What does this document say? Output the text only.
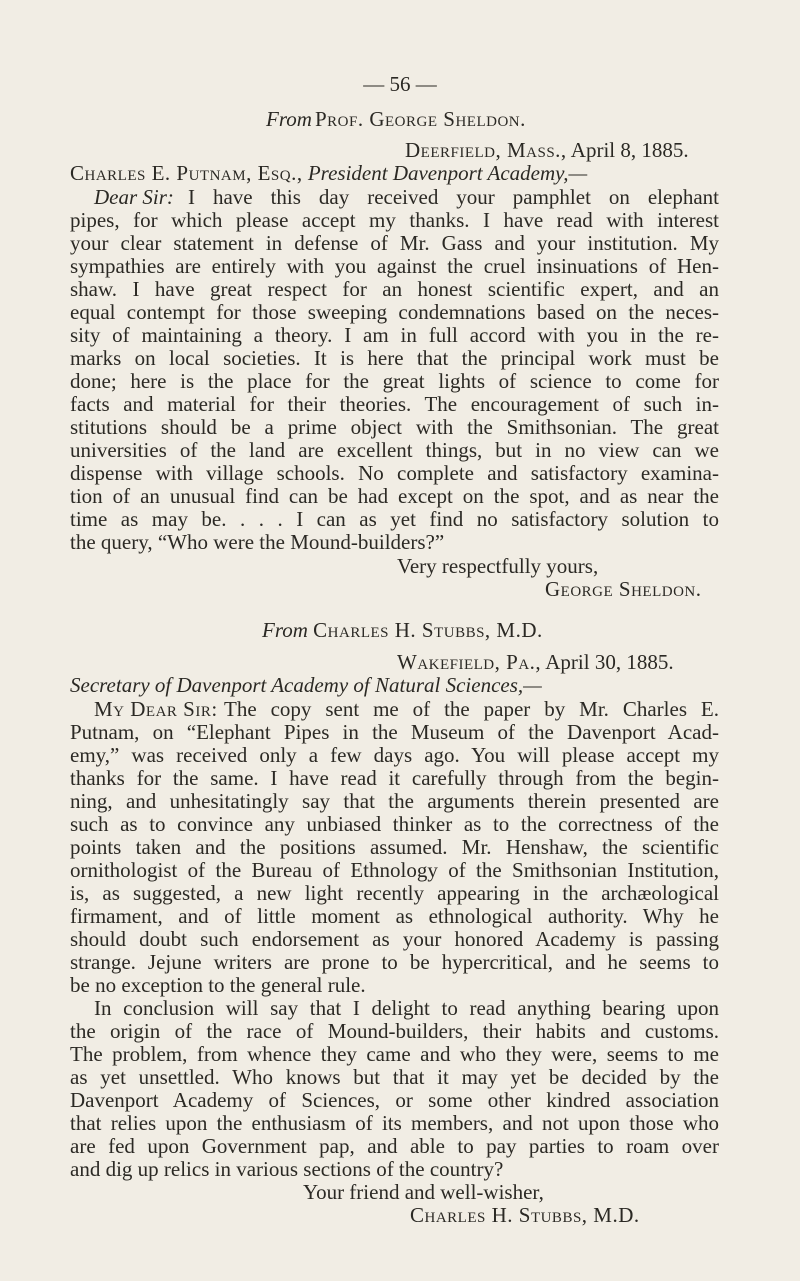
— 56 —
From Prof. George Sheldon.
Deerfield, Mass., April 8, 1885.
Charles E. Putnam, Esq., President Davenport Academy,—
Dear Sir: I have this day received your pamphlet on elephant
pipes, for which please accept my thanks. I have read with interest
your clear statement in defense of Mr. Gass and your institution. My
sympathies are entirely with you against the cruel insinuations of Hen-
shaw. I have great respect for an honest scientific expert, and an
equal contempt for those sweeping condemnations based on the neces-
sity of maintaining a theory. I am in full accord with you in the re-
marks on local societies. It is here that the principal work must be
done; here is the place for the great lights of science to come for
facts and material for their theories. The encouragement of such in-
stitutions should be a prime object with the Smithsonian. The great
universities of the land are excellent things, but in no view can we
dispense with village schools. No complete and satisfactory examina-
tion of an unusual find can be had except on the spot, and as near the
time as may be. . . . I can as yet find no satisfactory solution to
the query, “Who were the Mound-builders?”
Very respectfully yours,
George Sheldon.
From Charles H. Stubbs, M.D.
Wakefield, Pa., April 30, 1885.
Secretary of Davenport Academy of Natural Sciences,—
My Dear Sir: The copy sent me of the paper by Mr. Charles E.
Putnam, on “Elephant Pipes in the Museum of the Davenport Acad-
emy,” was received only a few days ago. You will please accept my
thanks for the same. I have read it carefully through from the begin-
ning, and unhesitatingly say that the arguments therein presented are
such as to convince any unbiased thinker as to the correctness of the
points taken and the positions assumed. Mr. Henshaw, the scientific
ornithologist of the Bureau of Ethnology of the Smithsonian Institution,
is, as suggested, a new light recently appearing in the archæological
firmament, and of little moment as ethnological authority. Why he
should doubt such endorsement as your honored Academy is passing
strange. Jejune writers are prone to be hypercritical, and he seems to
be no exception to the general rule.
In conclusion will say that I delight to read anything bearing upon
the origin of the race of Mound-builders, their habits and customs.
The problem, from whence they came and who they were, seems to me
as yet unsettled. Who knows but that it may yet be decided by the
Davenport Academy of Sciences, or some other kindred association
that relies upon the enthusiasm of its members, and not upon those who
are fed upon Government pap, and able to pay parties to roam over
and dig up relics in various sections of the country?
Your friend and well-wisher,
Charles H. Stubbs, M.D.
